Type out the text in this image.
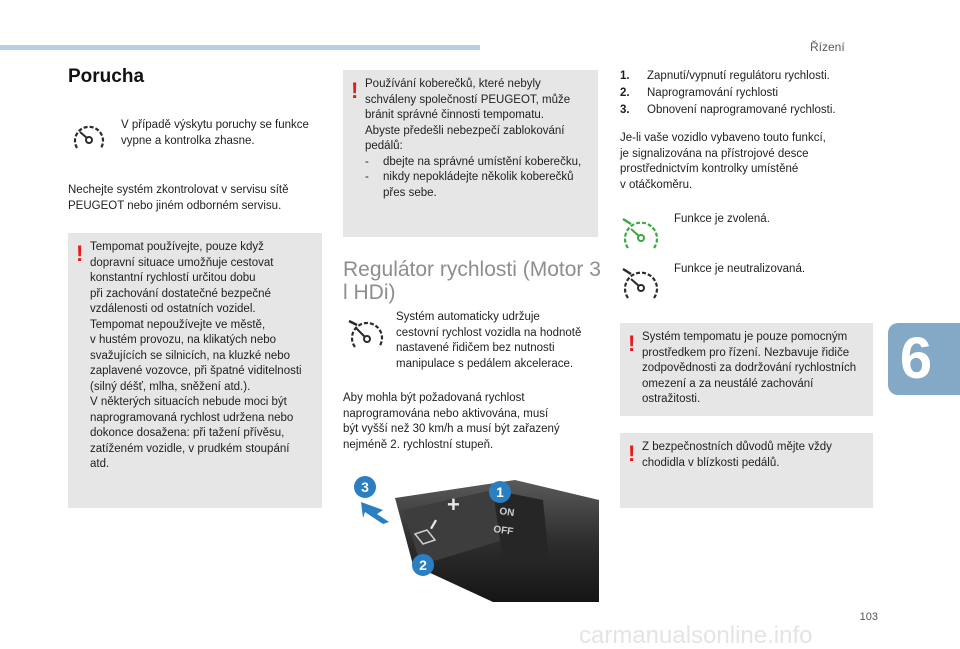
Řízení
6
Porucha
V případě výskytu poruchy se funkce vypne a kontrolka zhasne.
Nechejte systém zkontrolovat v servisu sítě PEUGEOT nebo jiném odborném servisu.
! Tempomat používejte, pouze když
dopravní situace umožňuje cestovat
konstantní rychlostí určitou dobu
při zachování dostatečné bezpečné
vzdálenosti od ostatních vozidel.
Tempomat nepoužívejte ve městě,
v hustém provozu, na klikatých nebo
svažujících se silnicích, na kluzké nebo
zaplavené vozovce, při špatné viditelnosti
(silný déšť, mlha, sněžení atd.).
V některých situacích nebude moci být
naprogramovaná rychlost udržena nebo
dokonce dosažena: při tažení přívěsu,
zatíženém vozidle, v prudkém stoupání
atd.
! Používání koberečků, které nebyly
schváleny společností PEUGEOT, může
bránit správné činnosti tempomatu.
Abyste předešli nebezpečí zablokování
pedálů:
- dbejte na správné umístění koberečku,
- nikdy nepokládejte několik koberečků
přes sebe.
Regulátor rychlosti (Motor 3 l HDi)
Systém automaticky udržuje
cestovní rychlost vozidla na hodnotě
nastavené řidičem bez nutnosti
manipulace s pedálem akcelerace.
Aby mohla být požadovaná rychlost
naprogramována nebo aktivována, musí
být vyšší než 30 km/h a musí být zařazený
nejméně 2. rychlostní stupeň.
+
−
ON
OFF
3
2
1
1. Zapnutí/vypnutí regulátoru rychlosti.
2. Naprogramování rychlosti
3. Obnovení naprogramované rychlosti.
Je-li vaše vozidlo vybaveno touto funkcí,
je signalizována na přístrojové desce
prostřednictvím kontrolky umístěné
v otáčkoměru.
Funkce je zvolená.
Funkce je neutralizovaná.
! Systém tempomatu je pouze pomocným
prostředkem pro řízení. Nezbavuje řidiče
zodpovědnosti za dodržování rychlostních
omezení a za neustálé zachování
ostražitosti.
! Z bezpečnostních důvodů mějte vždy
chodidla v blízkosti pedálů.
103
carmanualsonline.info
